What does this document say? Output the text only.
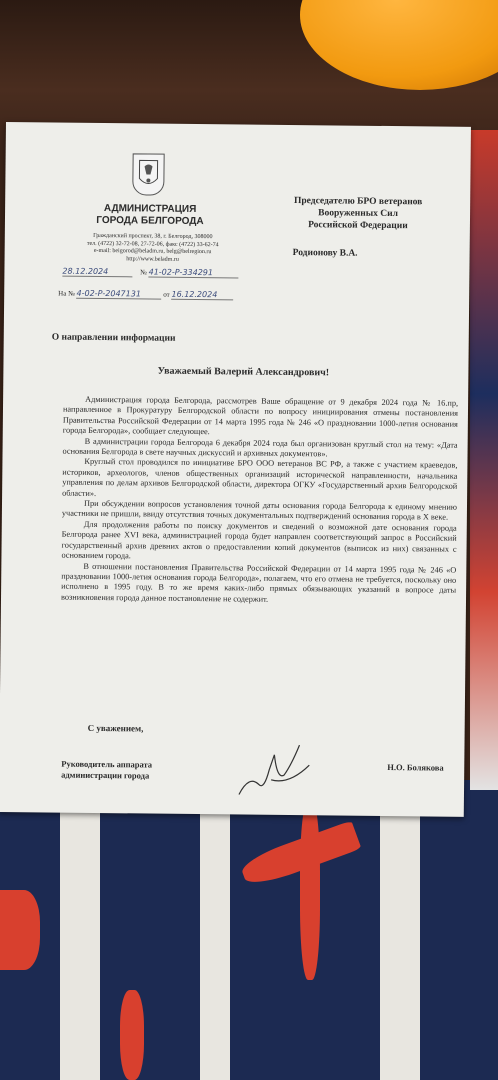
АДМИНИСТРАЦИЯ
ГОРОДА БЕЛГОРОДА
Гражданский проспект, 38, г. Белгород, 308000
тел. (4722) 32-72-08, 27-72-06, факс (4722) 33-62-74
e-mail: beigorod@beladm.ru, belg@belregion.ru
http://www.beladm.ru
28.12.2024	№ 41-02-Р-334291
На № 4-02-Р-2047131	от 16.12.2024
Председателю БРО ветеранов
Вооруженных Сил
Российской Федерации
Родионову В.А.
О направлении информации
Уважаемый Валерий Александрович!

Администрация города Белгорода, рассмотрев Ваше обращение от 9 декабря 2024 года № 16.пр, направленное в Прокуратуру Белгородской области по вопросу инициирования отмены постановления Правительства Российской Федерации от 14 марта 1995 года № 246 «О праздновании 1000-летия основания города Белгорода», сообщает следующее.

В администрации города Белгорода 6 декабря 2024 года был организован круглый стол на тему: «Дата основания Белгорода в свете научных дискуссий и архивных документов».

Круглый стол проводился по инициативе БРО ООО ветеранов ВС РФ, а также с участием краеведов, историков, археологов, членов общественных организаций исторической направленности, начальника управления по делам архивов Белгородской области, директора ОГКУ «Государственный архив Белгородской области».

При обсуждении вопросов установления точной даты основания города Белгорода к единому мнению участники не пришли, ввиду отсутствия точных документальных подтверждений основания города в X веке.

Для продолжения работы по поиску документов и сведений о возможной дате основания города Белгорода ранее XVI века, администрацией города будет направлен соответствующий запрос в Российский государственный архив древних актов о предоставлении копий документов (выписок из них) связанных с основанием города.

В отношении постановления Правительства Российской Федерации от 14 марта 1995 года № 246 «О праздновании 1000-летия основания города Белгорода», полагаем, что его отмена не требуется, поскольку оно исполнено в 1995 году. В то же время каких-либо прямых обязывающих указаний в вопросе даты возникновения города данное постановление не содержит.

С уважением,
Руководитель аппарата
администрации города
Н.О. Болякова
